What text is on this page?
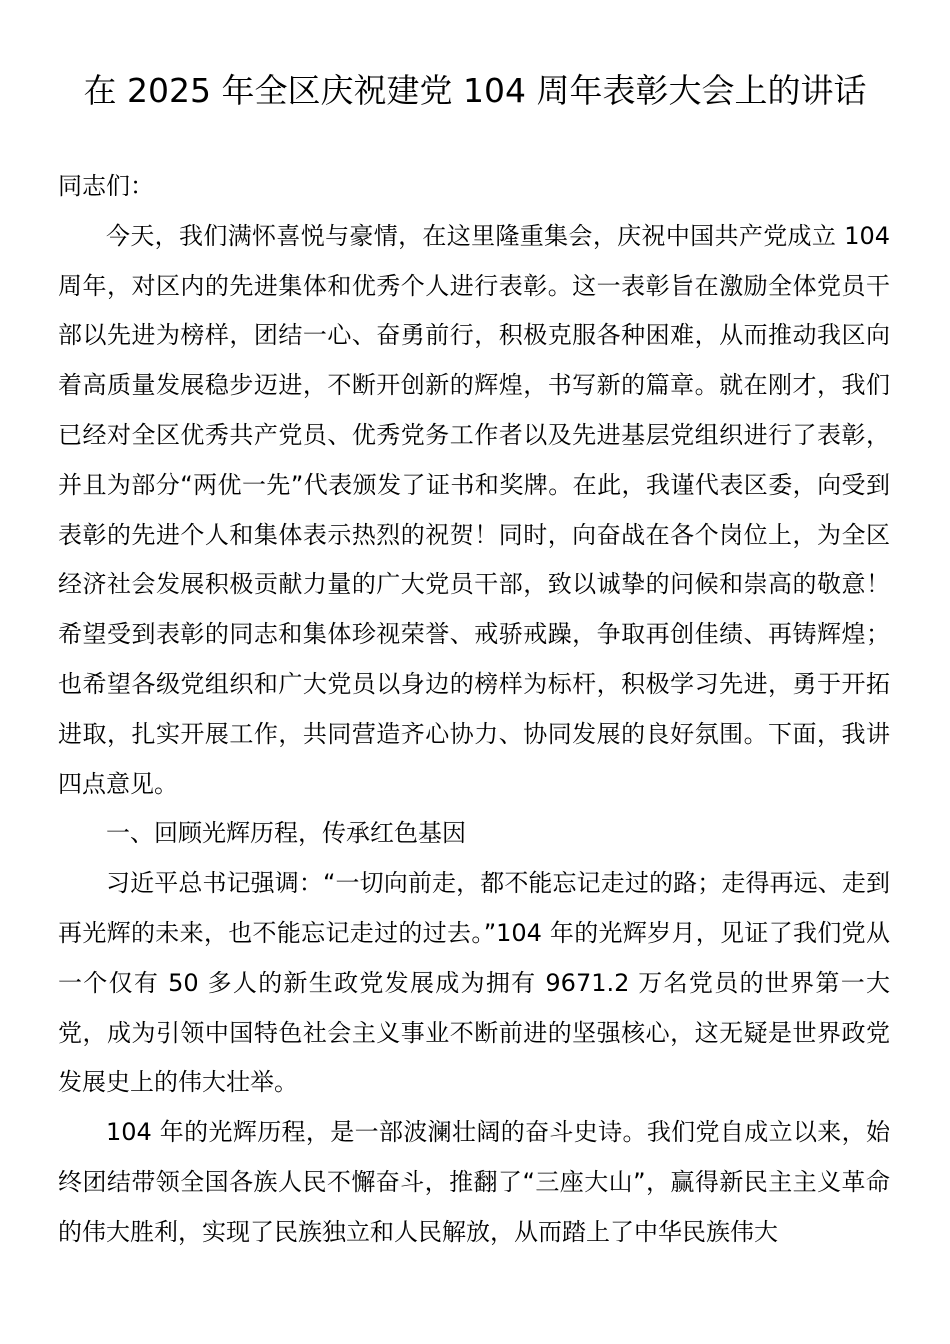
在 2025 年全区庆祝建党 104 周年表彰大会上的讲话

同志们：

今天，我们满怀喜悦与豪情，在这里隆重集会，庆祝中国共产党成立 104 周年，对区内的先进集体和优秀个人进行表彰。这一表彰旨在激励全体党员干部以先进为榜样，团结一心、奋勇前行，积极克服各种困难，从而推动我区向着高质量发展稳步迈进，不断开创新的辉煌，书写新的篇章。就在刚才，我们已经对全区优秀共产党员、优秀党务工作者以及先进基层党组织进行了表彰，并且为部分“两优一先”代表颁发了证书和奖牌。在此，我谨代表区委，向受到表彰的先进个人和集体表示热烈的祝贺！同时，向奋战在各个岗位上，为全区经济社会发展积极贡献力量的广大党员干部，致以诚挚的问候和崇高的敬意！希望受到表彰的同志和集体珍视荣誉、戒骄戒躁，争取再创佳绩、再铸辉煌；也希望各级党组织和广大党员以身边的榜样为标杆，积极学习先进，勇于开拓进取，扎实开展工作，共同营造齐心协力、协同发展的良好氛围。下面，我讲四点意见。

一、回顾光辉历程，传承红色基因

习近平总书记强调：“一切向前走，都不能忘记走过的路；走得再远、走到再光辉的未来，也不能忘记走过的过去。”104 年的光辉岁月，见证了我们党从一个仅有 50 多人的新生政党发展成为拥有 9671.2 万名党员的世界第一大党，成为引领中国特色社会主义事业不断前进的坚强核心，这无疑是世界政党发展史上的伟大壮举。

104 年的光辉历程，是一部波澜壮阔的奋斗史诗。我们党自成立以来，始终团结带领全国各族人民不懈奋斗，推翻了“三座大山”，赢得新民主主义革命的伟大胜利，实现了民族独立和人民解放，从而踏上了中华民族伟大
